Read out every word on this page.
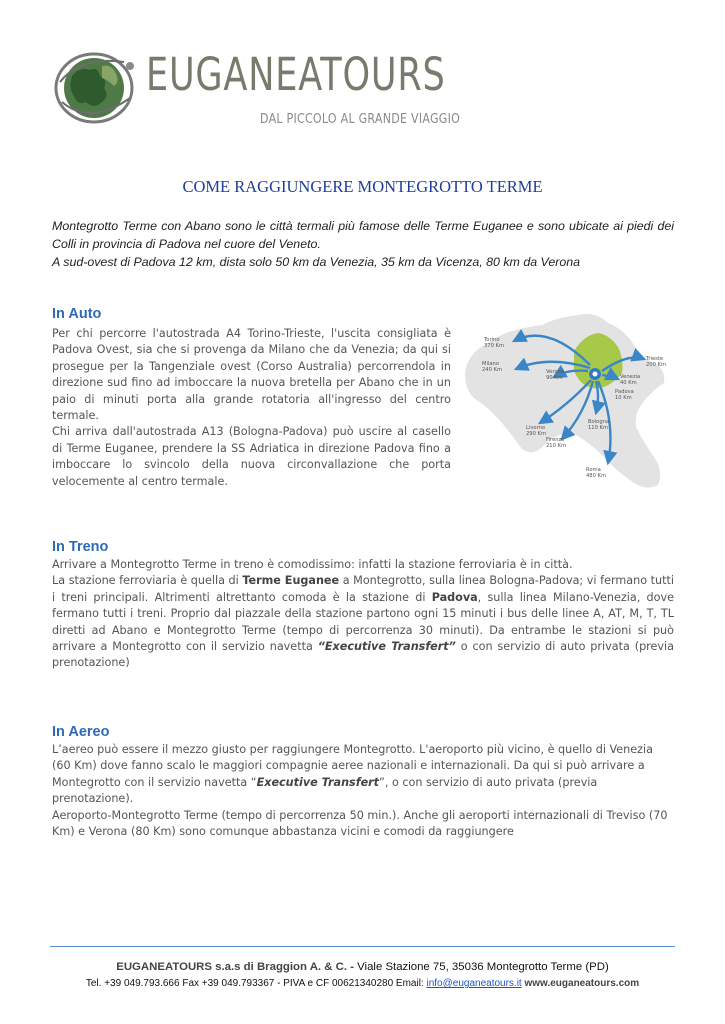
EUGANEATOURS
DAL PICCOLO AL GRANDE VIAGGIO
COME RAGGIUNGERE MONTEGROTTO TERME

Montegrotto Terme con Abano sono le città termali più famose delle Terme Euganee e sono ubicate ai piedi dei Colli in provincia di Padova nel cuore del Veneto.

A sud-ovest di Padova 12 km, dista solo 50 km da Venezia, 35 km da Vicenza, 80 km da Verona

In Auto

Per chi percorre l'autostrada A4 Torino-Trieste, l'uscita consigliata è Padova Ovest, sia che si provenga da Milano che da Venezia; da qui si prosegue per la Tangenziale ovest (Corso Australia) percorrendola in direzione sud fino ad imboccare la nuova bretella per Abano che in un paio di minuti porta alla grande rotatoria all'ingresso del centro termale.

Chi arriva dall'autostrada A13 (Bologna-Padova) può uscire al casello di Terme Euganee, prendere la SS Adriatica in direzione Padova fino a imboccare lo svincolo della nuova circonvallazione che porta velocemente al centro termale.

Torino
370 Km
Milano
240 Km	Verona
90 Km
Trieste
200 Km
Venezia
40 Km
Padova
10 Km
Bologna
110 Km
Livorno
290 Km
Firenze
210 Km
Roma
480 Km
In Treno

Arrivare a Montegrotto Terme in treno è comodissimo: infatti la stazione ferroviaria è in città.

La stazione ferroviaria è quella di Terme Euganee a Montegrotto, sulla linea Bologna-Padova; vi fermano tutti i treni principali. Altrimenti altrettanto comoda è la stazione di Padova, sulla linea Milano-Venezia, dove fermano tutti i treni. Proprio dal piazzale della stazione partono ogni 15 minuti i bus delle linee A, AT, M, T, TL diretti ad Abano e Montegrotto Terme (tempo di percorrenza 30 minuti). Da entrambe le stazioni si può arrivare a Montegrotto con il servizio navetta “Executive Transfert” o con servizio di auto privata (previa prenotazione)

In Aereo

L’aereo può essere il mezzo giusto per raggiungere Montegrotto. L'aeroporto più vicino, è quello di Venezia (60 Km) dove fanno scalo le maggiori compagnie aeree nazionali e internazionali. Da qui si può arrivare a Montegrotto con il servizio navetta “Executive Transfert”, o con servizio di auto privata (previa prenotazione).

Aeroporto-Montegrotto Terme (tempo di percorrenza 50 min.). Anche gli aeroporti internazionali di Treviso (70 Km) e Verona (80 Km) sono comunque abbastanza vicini e comodi da raggiungere

EUGANEATOURS s.a.s di Braggion A. & C. - Viale Stazione 75, 35036 Montegrotto Terme (PD)
Tel. +39 049.793.666 Fax +39 049.793367 - PIVA e CF 00621340280 Email: info@euganeatours.it www.euganeatours.com
